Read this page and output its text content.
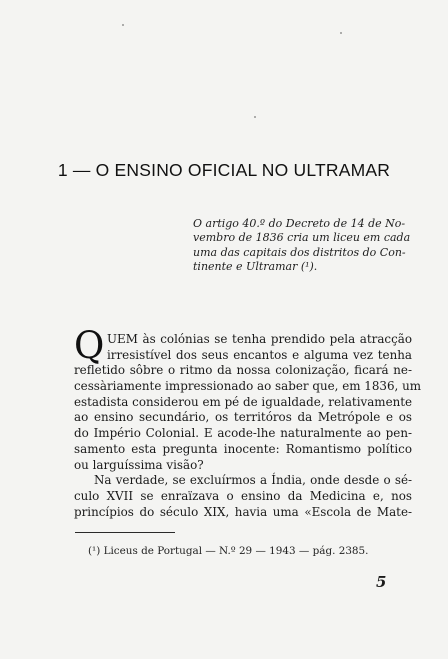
1 — O ENSINO OFICIAL NO ULTRAMAR
O artigo 40.º do Decreto de 14 de No-
vembro de 1836 cria um liceu em cada
uma das capitais dos distritos do Con-
tinente e Ultramar (¹).
Q UEM às colónias se tenha prendido pela atracção
irresistível dos seus encantos e alguma vez tenha
refletido sôbre o ritmo da nossa colonização, ficará ne-
cessàriamente impressionado ao saber que, em 1836, um
estadista considerou em pé de igualdade, relativamente
ao ensino secundário, os territóros da Metrópole e os
do Império Colonial. E acode-lhe naturalmente ao pen-
samento esta pregunta inocente: Romantismo político
ou larguíssima visão?
Na verdade, se excluírmos a Índia, onde desde o sé-
culo XVII se enraïzava o ensino da Medicina e, nos
princípios do século XIX, havia uma «Escola de Mate-
(¹) Liceus de Portugal — N.º 29 — 1943 — pág. 2385.
5
